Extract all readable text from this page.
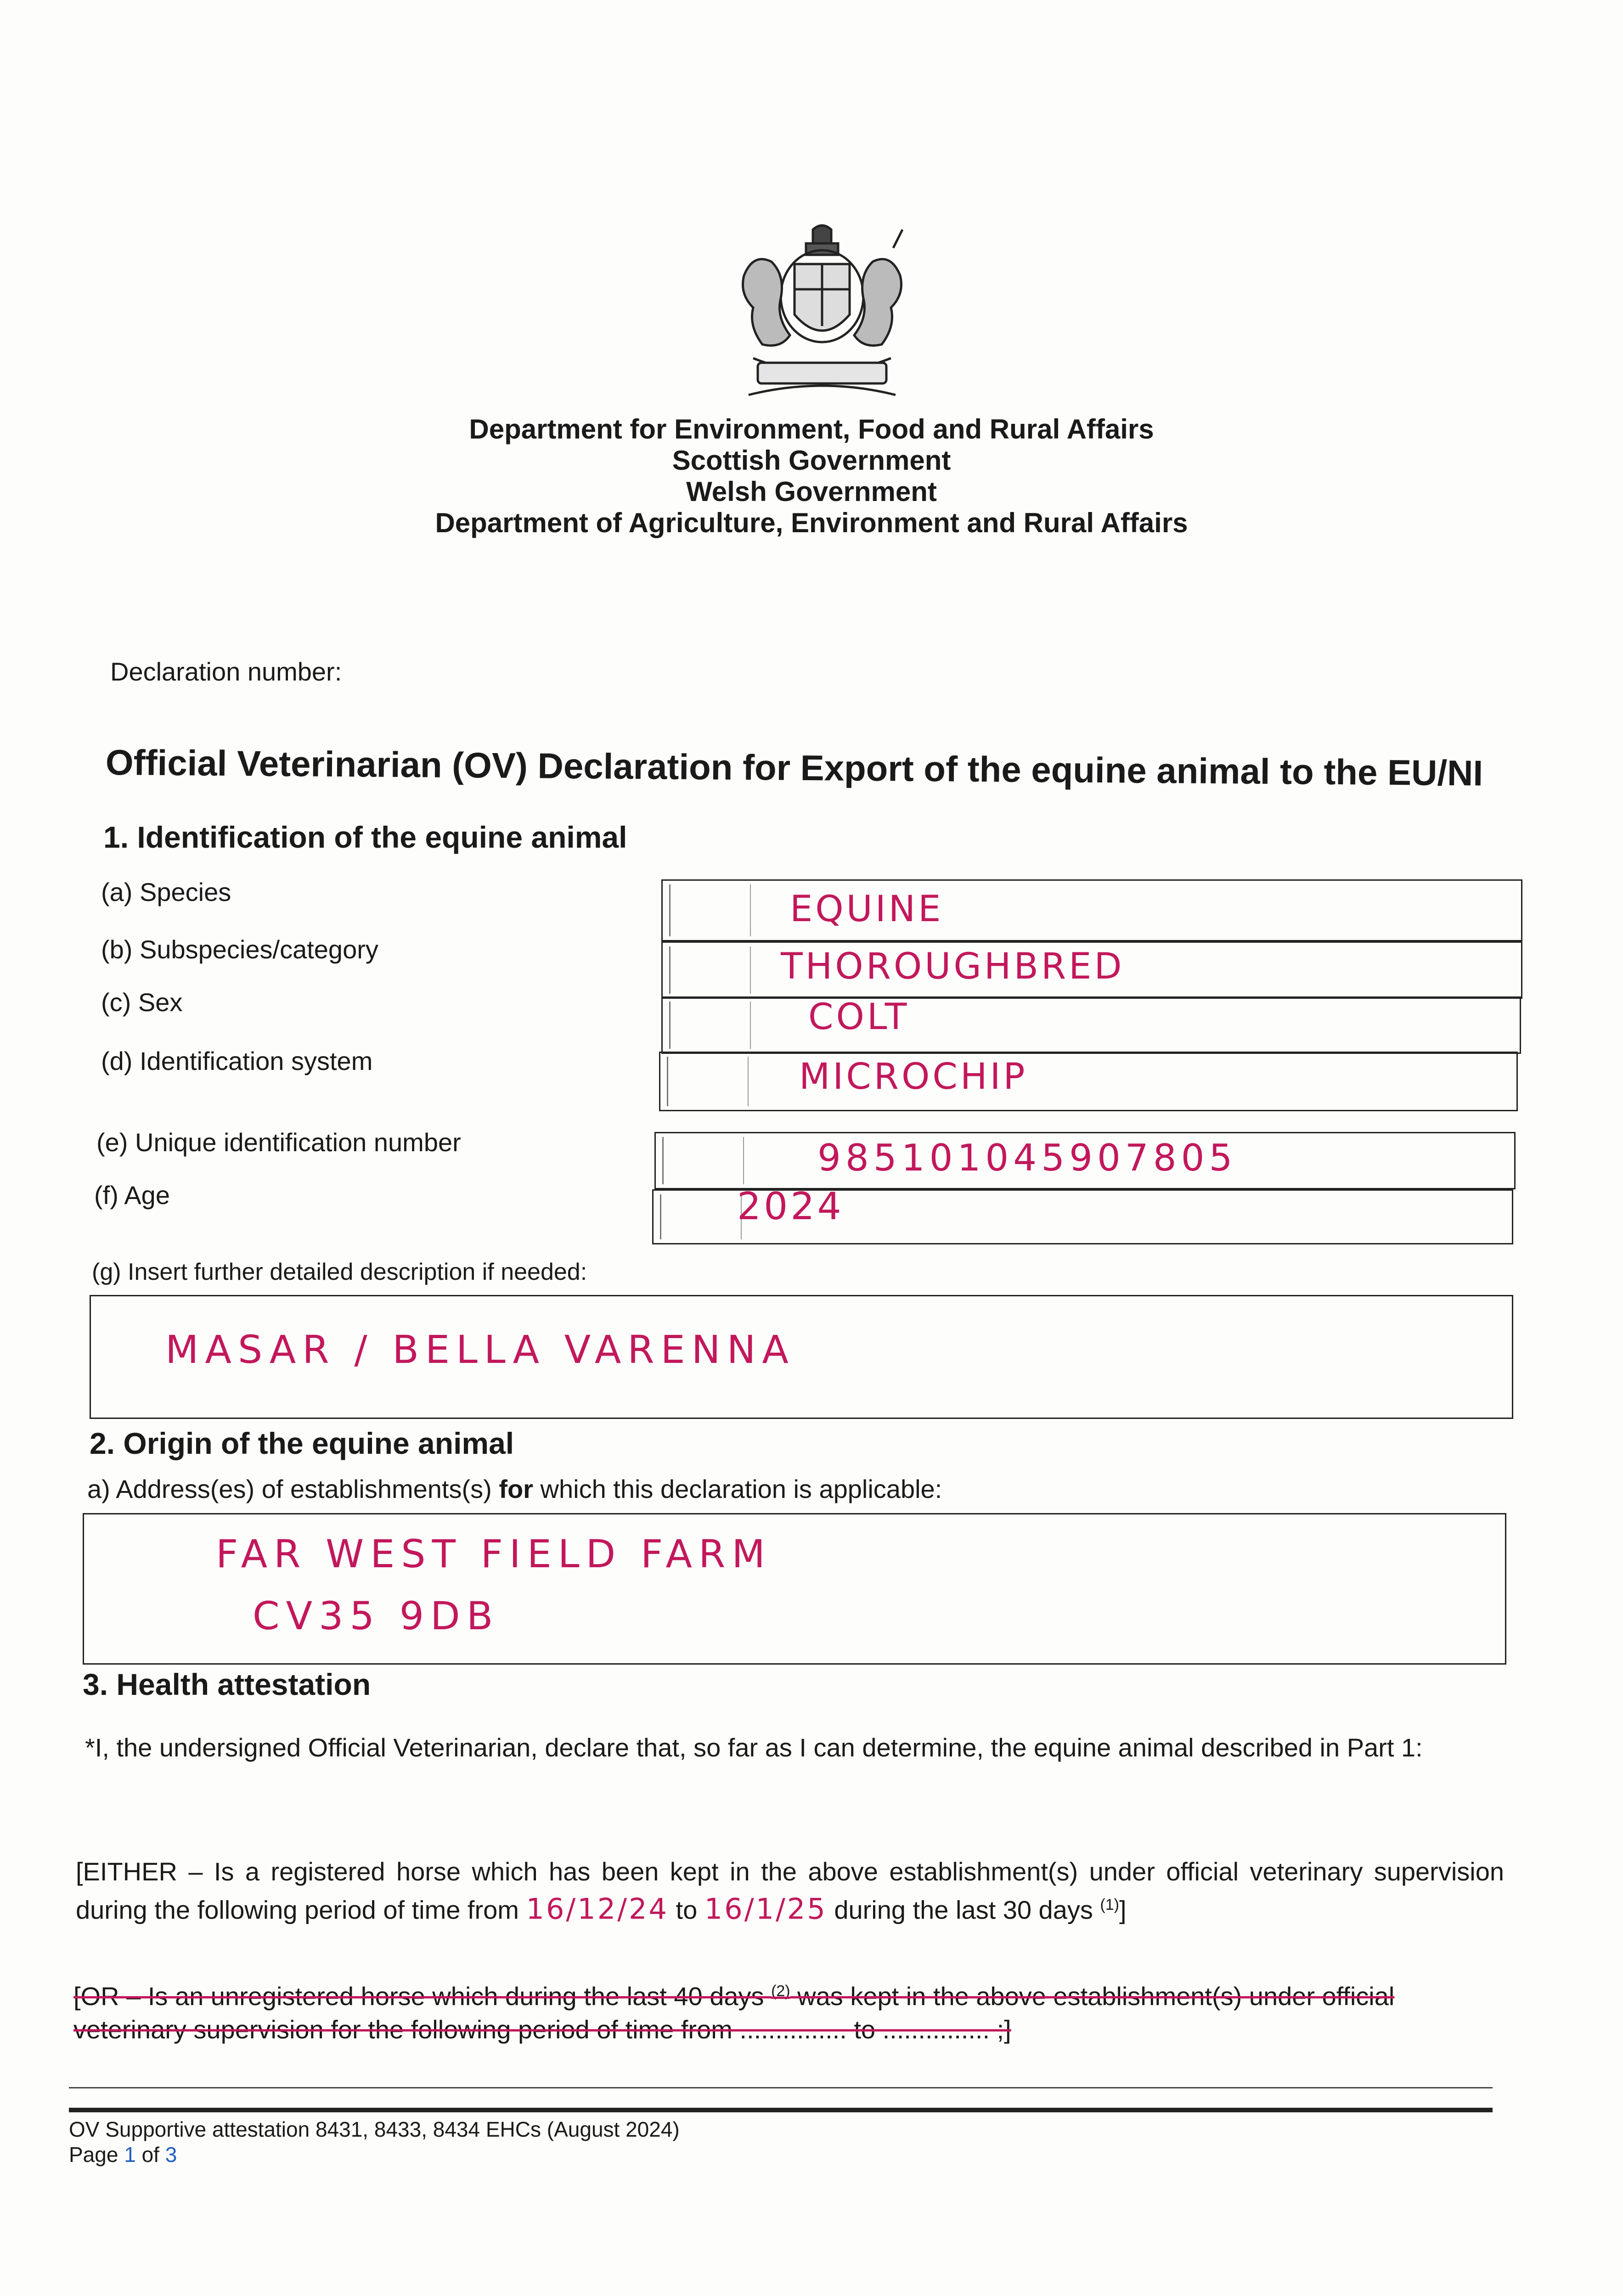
Department for Environment, Food and Rural Affairs
Scottish Government
Welsh Government
Department of Agriculture, Environment and Rural Affairs
Declaration number:
Official Veterinarian (OV) Declaration for Export of the equine animal to the EU/NI
1. Identification of the equine animal
(a) Species	EQUINE
(b) Subspecies/category	THOROUGHBRED
(c) Sex	COLT
(d) Identification system	MICROCHIP
(e) Unique identification number	985101045907805
(f) Age	2024
(g) Insert further detailed description if needed:
MASAR / BELLA VARENNA
2. Origin of the equine animal
a) Address(es) of establishments(s) for which this declaration is applicable:
FAR WEST FIELD FARM
CV35 9DB
3. Health attestation
*I, the undersigned Official Veterinarian, declare that, so far as I can determine, the equine animal described in Part 1:
[EITHER – Is a registered horse which has been kept in the above establishment(s) under official veterinary supervision during the following period of time from 16/12/24 to 16/1/25 during the last 30 days $^{(1)}$]
[OR – Is an unregistered horse which during the last 40 days $^{(2)}$ was kept in the above establishment(s) under official veterinary supervision for the following period of time from ............... to ............... ;]
OV Supportive attestation 8431, 8433, 8434 EHCs (August 2024)
Page 1 of 3
